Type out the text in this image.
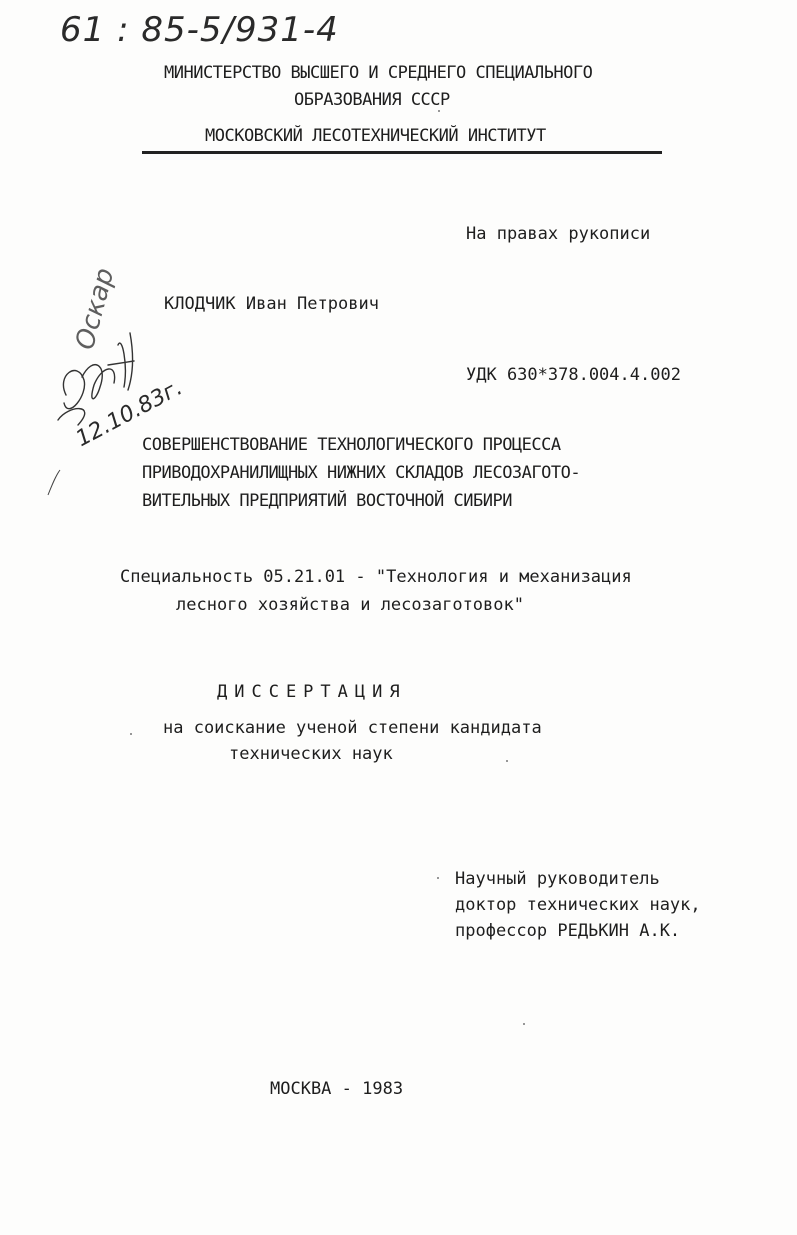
61 : 85-5/931-4
МИНИСТЕРСТВО ВЫСШЕГО И СРЕДНЕГО СПЕЦИАЛЬНОГО
ОБРАЗОВАНИЯ СССР
МОСКОВСКИЙ ЛЕСОТЕХНИЧЕСКИЙ ИНСТИТУТ
На правах рукописи
КЛОДЧИК Иван Петрович
УДК 630*378.004.4.002
Оскар
12.10.83г.
СОВЕРШЕНСТВОВАНИЕ ТЕХНОЛОГИЧЕСКОГО ПРОЦЕССА
ПРИВОДОХРАНИЛИЩНЫХ НИЖНИХ СКЛАДОВ ЛЕСОЗАГОТО-
ВИТЕЛЬНЫХ ПРЕДПРИЯТИЙ ВОСТОЧНОЙ СИБИРИ
Специальность 05.21.01 - "Технология и механизация
лесного хозяйства и лесозаготовок"
ДИССЕРТАЦИЯ
на соискание ученой степени кандидата
технических наук
Научный руководитель
доктор технических наук,
профессор РЕДЬКИН А.К.
МОСКВА - 1983
